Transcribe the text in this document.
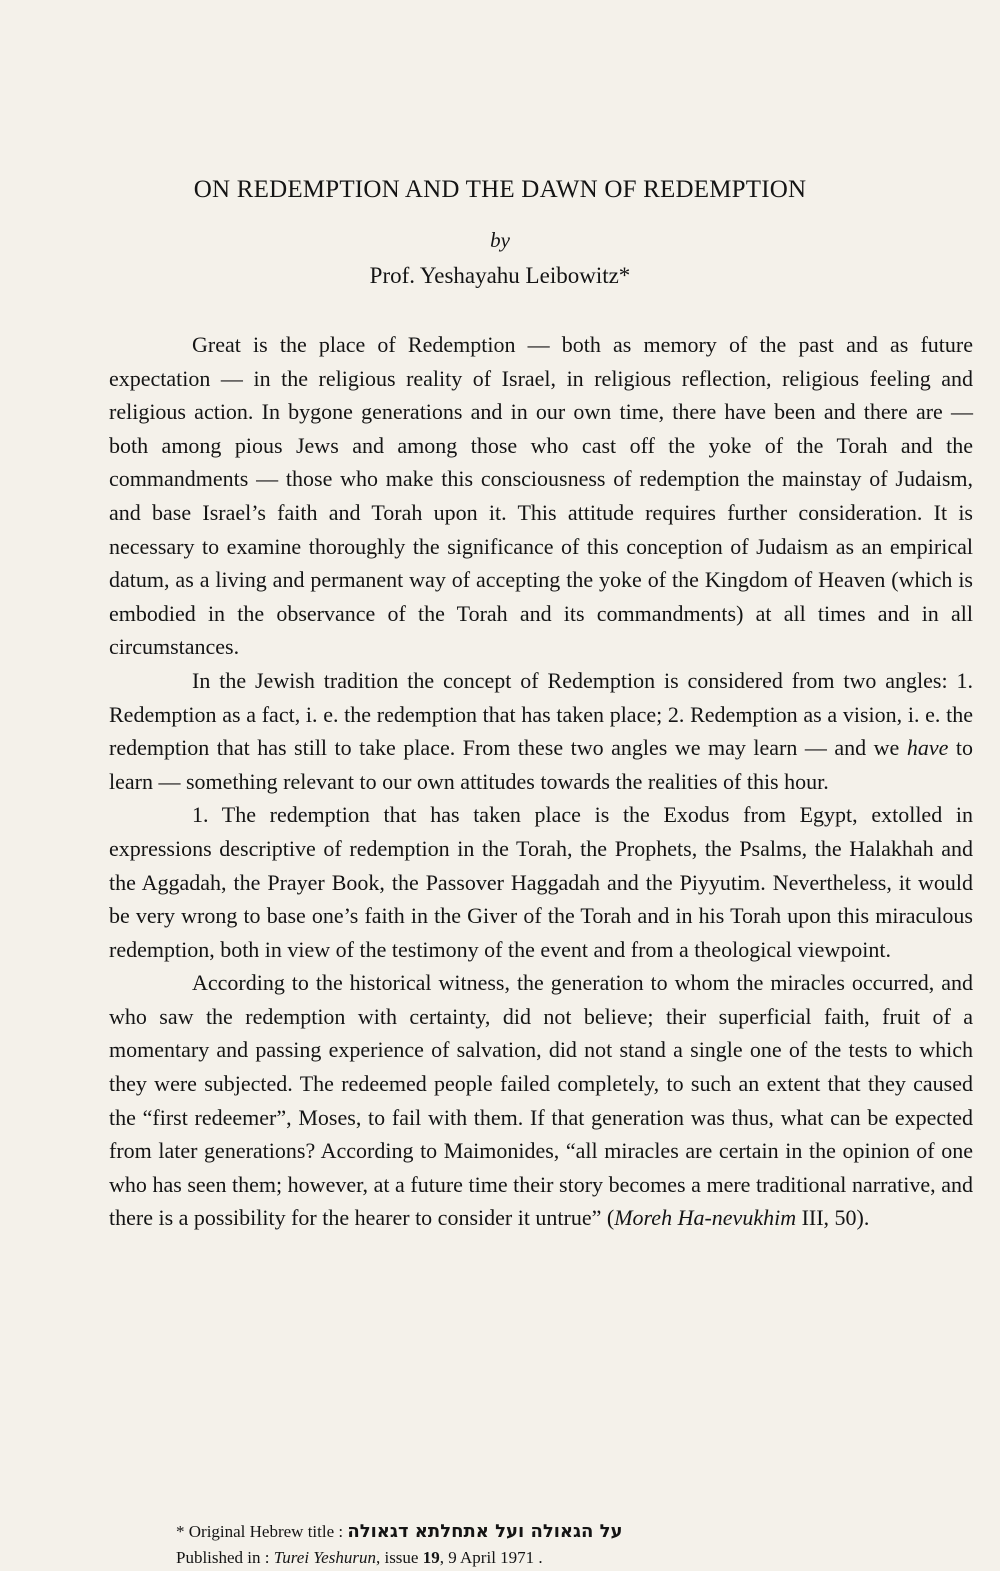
ON REDEMPTION AND THE DAWN OF REDEMPTION
by
Prof. Yeshayahu Leibowitz*

Great is the place of Redemption — both as memory of the past and as future expectation — in the religious reality of Israel, in religious reflection, religious feeling and religious action. In bygone generations and in our own time, there have been and there are — both among pious Jews and among those who cast off the yoke of the Torah and the commandments — those who make this consciousness of redemption the mainstay of Judaism, and base Israel’s faith and Torah upon it. This attitude requires further consideration. It is necessary to examine thoroughly the significance of this conception of Judaism as an empirical datum, as a living and permanent way of accepting the yoke of the Kingdom of Heaven (which is embodied in the observance of the Torah and its commandments) at all times and in all circumstances.

In the Jewish tradition the concept of Redemption is considered from two angles: 1. Redemption as a fact, i. e. the redemption that has taken place; 2. Redemption as a vision, i. e. the redemption that has still to take place. From these two angles we may learn — and we have to learn — something relevant to our own attitudes towards the realities of this hour.

1. The redemption that has taken place is the Exodus from Egypt, extolled in expressions descriptive of redemption in the Torah, the Prophets, the Psalms, the Halakhah and the Aggadah, the Prayer Book, the Passover Haggadah and the Piyyutim. Nevertheless, it would be very wrong to base one’s faith in the Giver of the Torah and in his Torah upon this miraculous redemption, both in view of the testimony of the event and from a theological viewpoint.

According to the historical witness, the generation to whom the miracles occurred, and who saw the redemption with certainty, did not believe; their superficial faith, fruit of a momentary and passing experience of salvation, did not stand a single one of the tests to which they were subjected. The redeemed people failed completely, to such an extent that they caused the “first redeemer”, Moses, to fail with them. If that generation was thus, what can be expected from later generations? According to Maimonides, “all miracles are certain in the opinion of one who has seen them; however, at a future time their story becomes a mere traditional narrative, and there is a possibility for the hearer to consider it untrue” (Moreh Ha-nevukhim III, 50).

* Original Hebrew title : על הגאולה ועל אתחלתא דגאולה
Published in : Turei Yeshurun, issue 19, 9 April 1971 .
